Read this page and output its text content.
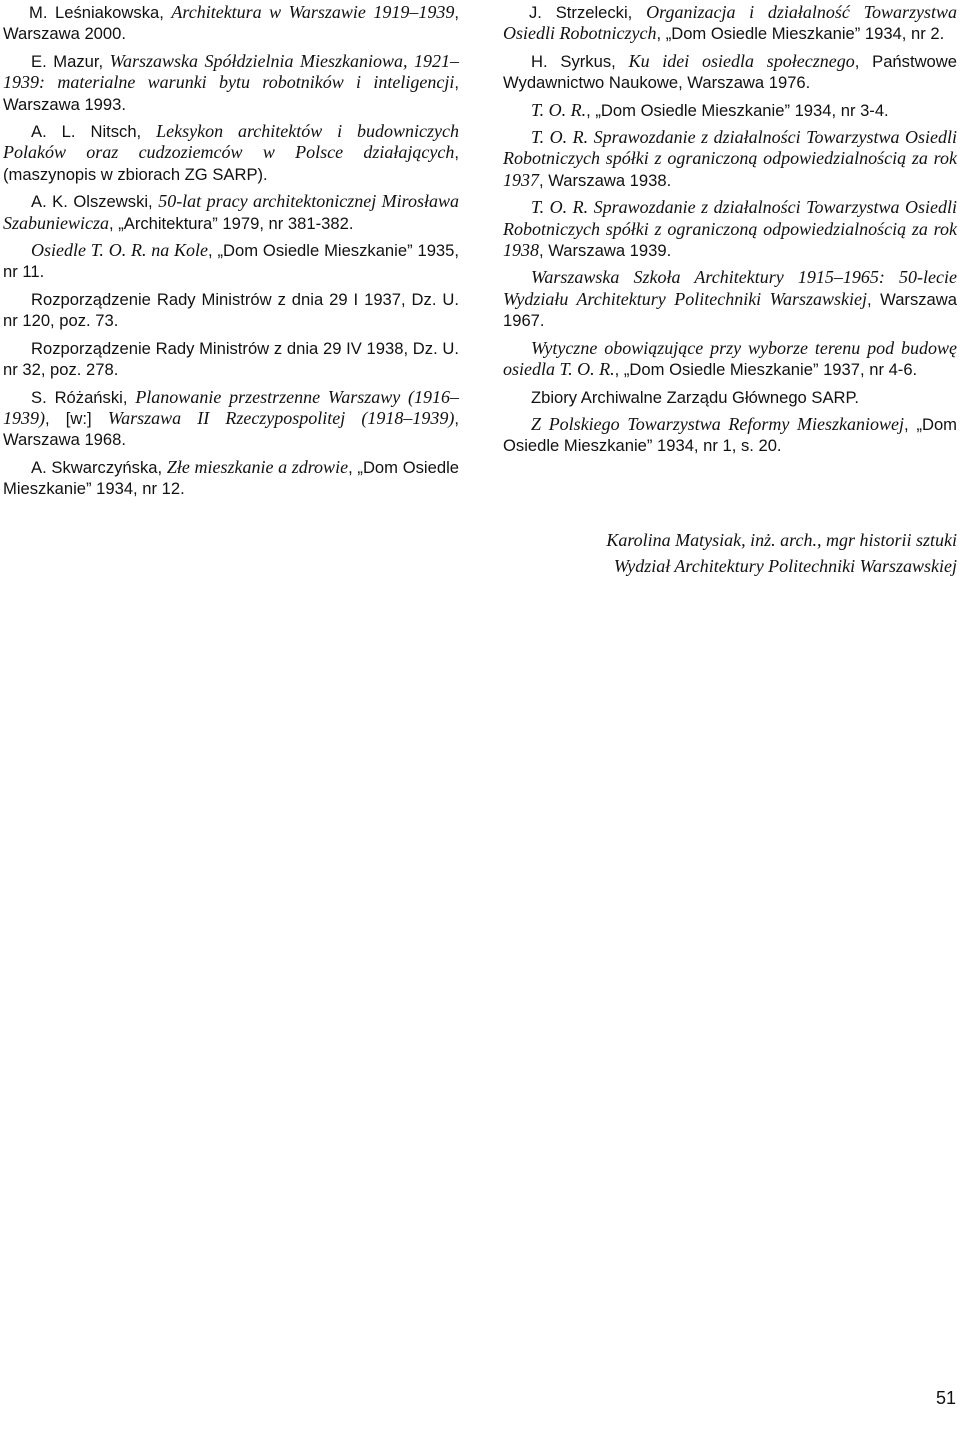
M. Leśniakowska, Architektura w Warszawie 1919–1939, Warszawa 2000.

E. Mazur, Warszawska Spółdzielnia Mieszkaniowa, 1921–1939: materialne warunki bytu robotników i inteligencji, Warszawa 1993.

A. L. Nitsch, Leksykon architektów i budowniczych Polaków oraz cudzoziemców w Polsce działających, (maszynopis w zbiorach ZG SARP).

A. K. Olszewski, 50-lat pracy architektonicznej Mirosława Szabuniewicza, „Architektura” 1979, nr 381-382.

Osiedle T. O. R. na Kole, „Dom Osiedle Mieszkanie” 1935, nr 11.

Rozporządzenie Rady Ministrów z dnia 29 I 1937, Dz. U. nr 120, poz. 73.

Rozporządzenie Rady Ministrów z dnia 29 IV 1938, Dz. U. nr 32, poz. 278.

S. Różański, Planowanie przestrzenne Warszawy (1916–1939), [w:] Warszawa II Rzeczypospolitej (1918–1939), Warszawa 1968.

A. Skwarczyńska, Złe mieszkanie a zdrowie, „Dom Osiedle Mieszkanie” 1934, nr 12.

J. Strzelecki, Organizacja i działalność Towarzystwa Osiedli Robotniczych, „Dom Osiedle Mieszkanie” 1934, nr 2.

H. Syrkus, Ku idei osiedla społecznego, Państwowe Wydawnictwo Naukowe, Warszawa 1976.

T. O. R., „Dom Osiedle Mieszkanie” 1934, nr 3-4.

T. O. R. Sprawozdanie z działalności Towarzystwa Osiedli Robotniczych spółki z ograniczoną odpowiedzialnością za rok 1937, Warszawa 1938.

T. O. R. Sprawozdanie z działalności Towarzystwa Osiedli Robotniczych spółki z ograniczoną odpowiedzialnością za rok 1938, Warszawa 1939.

Warszawska Szkoła Architektury 1915–1965: 50-lecie Wydziału Architektury Politechniki Warszawskiej, Warszawa 1967.

Wytyczne obowiązujące przy wyborze terenu pod budowę osiedla T. O. R., „Dom Osiedle Mieszkanie” 1937, nr 4-6.

Zbiory Archiwalne Zarządu Głównego SARP.

Z Polskiego Towarzystwa Reformy Mieszkaniowej, „Dom Osiedle Mieszkanie” 1934, nr 1, s. 20.

Karolina Matysiak, inż. arch., mgr historii sztuki
Wydział Architektury Politechniki Warszawskiej
51
